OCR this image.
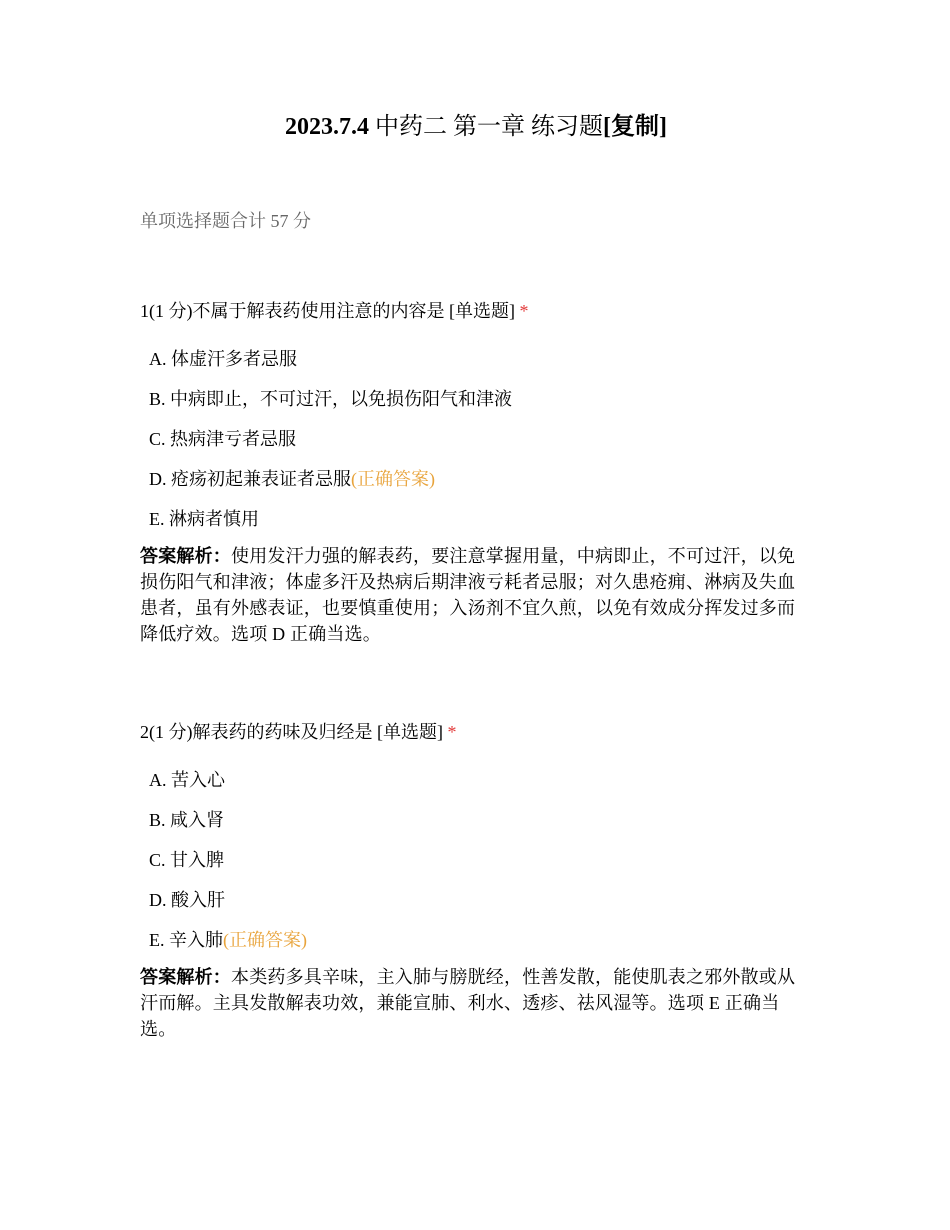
2023.7.4 中药二 第一章 练习题[复制]
单项选择题合计 57 分

1(1 分)不属于解表药使用注意的内容是 [单选题] *

A. 体虚汗多者忌服
B. 中病即止，不可过汗，以免损伤阳气和津液
C. 热病津亏者忌服
D. 疮疡初起兼表证者忌服(正确答案)
E. 淋病者慎用

答案解析：使用发汗力强的解表药，要注意掌握用量，中病即止，不可过汗，以免损伤阳气和津液；体虚多汗及热病后期津液亏耗者忌服；对久患疮痈、淋病及失血患者，虽有外感表证，也要慎重使用；入汤剂不宜久煎，以免有效成分挥发过多而降低疗效。选项 D 正确当选。

2(1 分)解表药的药味及归经是 [单选题] *

A. 苦入心
B. 咸入肾
C. 甘入脾
D. 酸入肝
E. 辛入肺(正确答案)

答案解析：本类药多具辛味，主入肺与膀胱经，性善发散，能使肌表之邪外散或从汗而解。主具发散解表功效，兼能宣肺、利水、透疹、祛风湿等。选项 E 正确当选。
